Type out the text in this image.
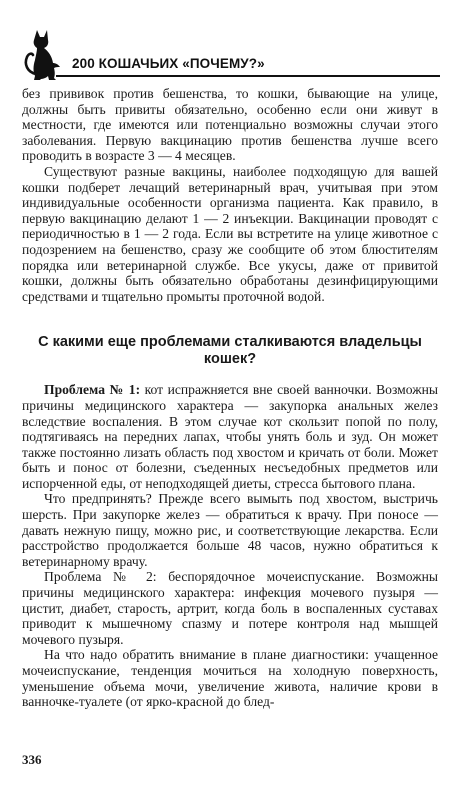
200 КОШАЧЬИХ «ПОЧЕМУ?»

без прививок против бешенства, то кошки, бывающие на улице, должны быть привиты обязательно, особенно если они живут в местности, где имеются или потенциально возможны случаи этого заболевания. Первую вакцинацию против бешенства лучше всего проводить в возрасте 3 — 4 месяцев.

Существуют разные вакцины, наиболее подходящую для вашей кошки подберет лечащий ветеринарный врач, учитывая при этом индивидуальные особенности организма пациента. Как правило, в первую вакцинацию делают 1 — 2 инъекции. Вакцинации проводят с периодичностью в 1 — 2 года. Если вы встретите на улице животное с подозрением на бешенство, сразу же сообщите об этом блюстителям порядка или ветеринарной службе. Все укусы, даже от привитой кошки, должны быть обязательно обработаны дезинфицирующими средствами и тщательно промыты проточной водой.

С какими еще проблемами сталкиваются владельцы кошек?

Проблема № 1: кот испражняется вне своей ванночки. Возможны причины медицинского характера — закупорка анальных желез вследствие воспаления. В этом случае кот скользит попой по полу, подтягиваясь на передних лапах, чтобы унять боль и зуд. Он может также постоянно лизать область под хвостом и кричать от боли. Может быть и понос от болезни, съеденных несъедобных предметов или испорченной еды, от неподходящей диеты, стресса бытового плана.

Что предпринять? Прежде всего вымыть под хвостом, выстричь шерсть. При закупорке желез — обратиться к врачу. При поносе — давать нежную пищу, можно рис, и соответствующие лекарства. Если расстройство продолжается больше 48 часов, нужно обратиться к ветеринарному врачу.

Проблема № 2: беспорядочное мочеиспускание. Возможны причины медицинского характера: инфекция мочевого пузыря — цистит, диабет, старость, артрит, когда боль в воспаленных суставах приводит к мышечному спазму и потере контроля над мышцей мочевого пузыря.

На что надо обратить внимание в плане диагностики: учащенное мочеиспускание, тенденция мочиться на холодную поверхность, уменьшение объема мочи, увеличение живота, наличие крови в ванночке-туалете (от ярко-красной до блед-

336
